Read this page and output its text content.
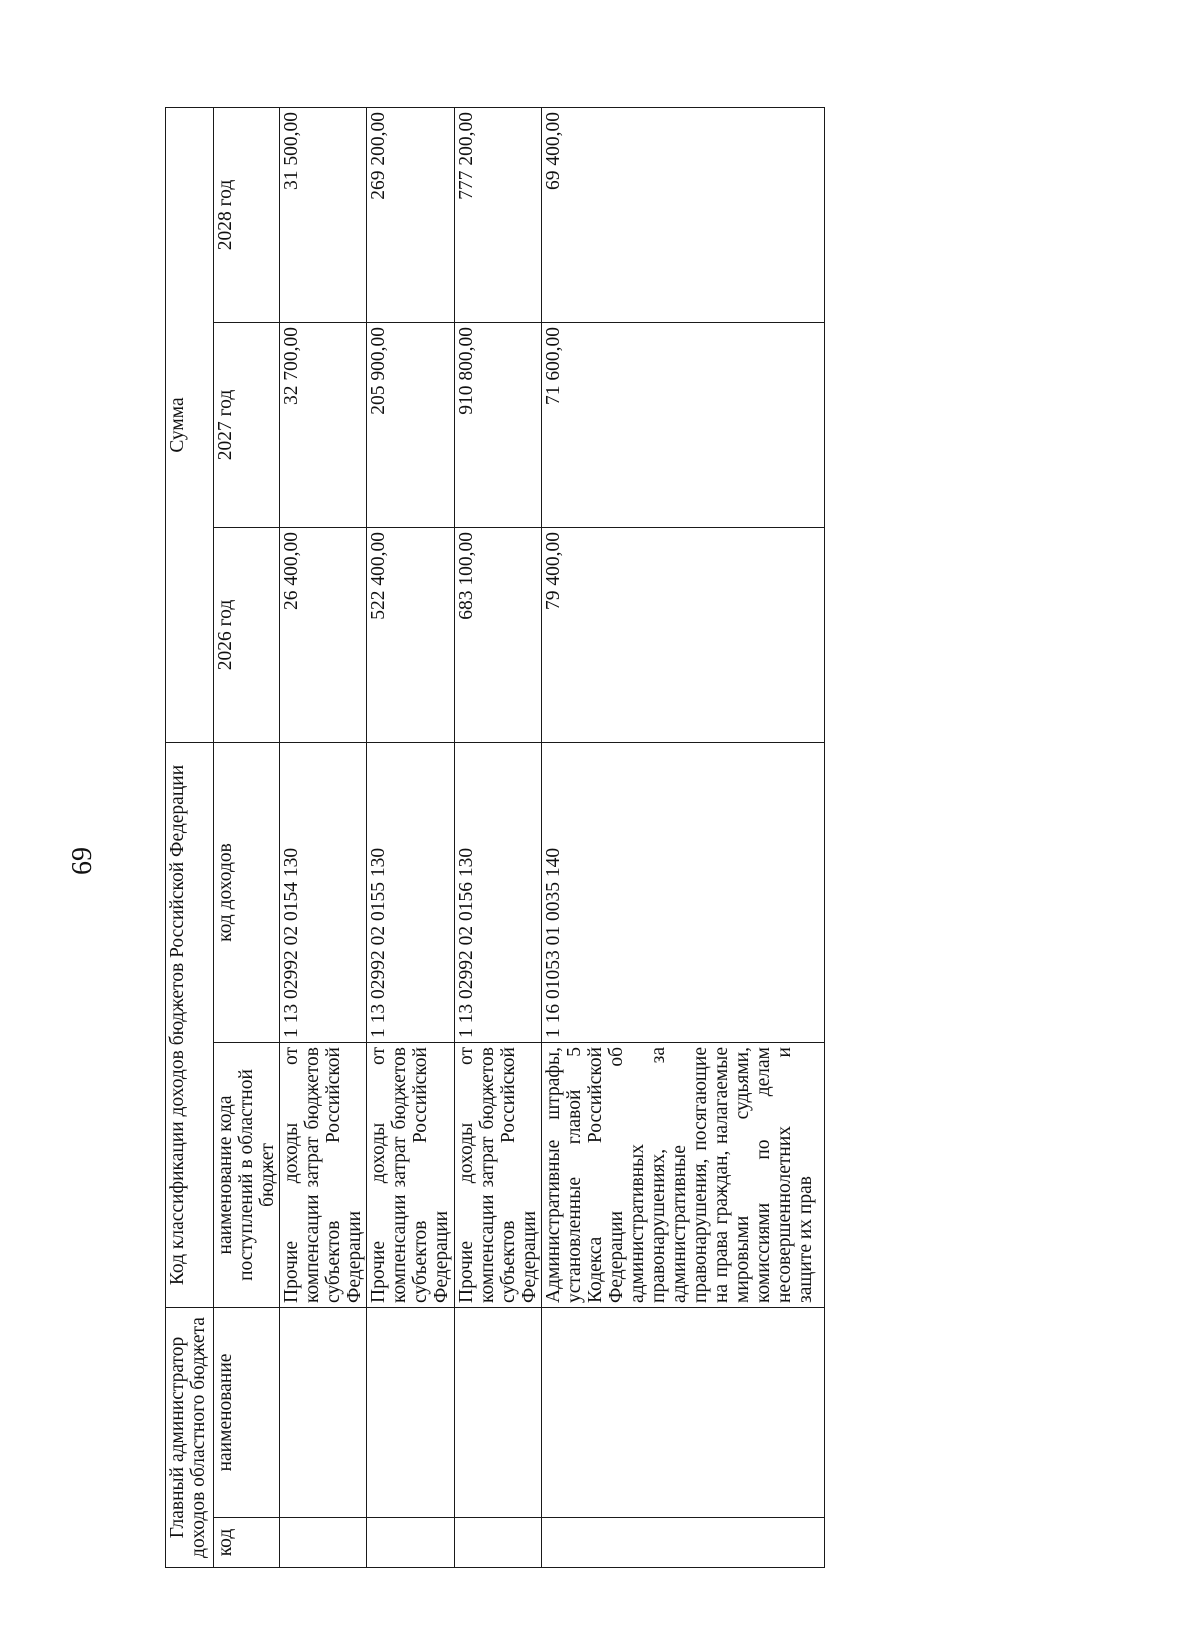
69
Главный администратор доходов областного бюджета		Код классификации доходов бюджетов Российской Федерации		Сумма		
код	наименование	наименование кода поступлений в областной бюджет	код доходов	2026 год	2027 год	2028 год
		Прочие доходы от компенсации затрат бюджетов субъектов Российской Федерации	1 13 02992 02 0154 130	26 400,00	32 700,00	31 500,00
		Прочие доходы от компенсации затрат бюджетов субъектов Российской Федерации	1 13 02992 02 0155 130	522 400,00	205 900,00	269 200,00
		Прочие доходы от компенсации затрат бюджетов субъектов Российской Федерации	1 13 02992 02 0156 130	683 100,00	910 800,00	777 200,00
		Административные штрафы, установленные главой 5 Кодекса Российской Федерации об административных правонарушениях, за административные правонарушения, посягающие на права граждан, налагаемые мировыми судьями, комиссиями по делам несовершеннолетних и защите их прав	1 16 01053 01 0035 140	79 400,00	71 600,00	69 400,00
